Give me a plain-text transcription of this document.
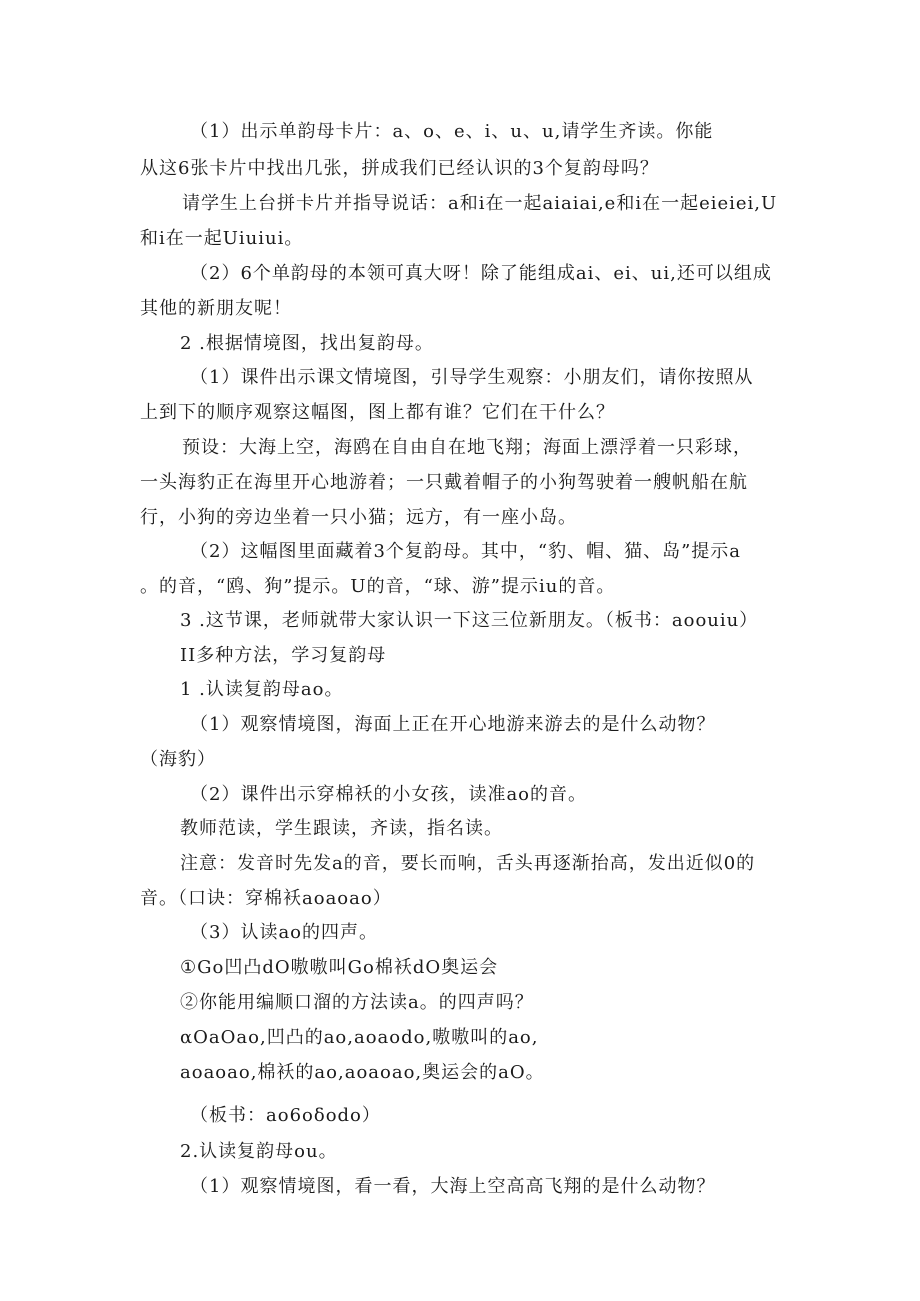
（1）出示单韵母卡片：a、o、e、i、u、u,请学生齐读。你能
从这6张卡片中找出几张，拼成我们已经认识的3个复韵母吗？
请学生上台拼卡片并指导说话：a和i在一起aiaiai,e和i在一起eieiei,U
和i在一起Uiuiui。
（2）6个单韵母的本领可真大呀！除了能组成ai、ei、ui,还可以组成
其他的新朋友呢！
2 .根据情境图，找出复韵母。
（1）课件出示课文情境图，引导学生观察：小朋友们，请你按照从
上到下的顺序观察这幅图，图上都有谁？它们在干什么？
预设：大海上空，海鸥在自由自在地飞翔；海面上漂浮着一只彩球，
一头海豹正在海里开心地游着；一只戴着帽子的小狗驾驶着一艘帆船在航
行，小狗的旁边坐着一只小猫；远方，有一座小岛。
（2）这幅图里面藏着3个复韵母。其中，“豹、帽、猫、岛”提示a
。的音，“鸥、狗”提示。U的音，“球、游”提示iu的音。
3 .这节课，老师就带大家认识一下这三位新朋友。（板书：aoouiu）
II多种方法，学习复韵母
1 .认读复韵母ao。
（1）观察情境图，海面上正在开心地游来游去的是什么动物？
（海豹）
（2）课件出示穿棉袄的小女孩，读准ao的音。
教师范读，学生跟读，齐读，指名读。
注意：发音时先发a的音，要长而响，舌头再逐渐抬高，发出近似0的
音。（口诀：穿棉袄aoaoao）
（3）认读ao的四声。
①Go凹凸dO嗷嗷叫Go棉袄dO奥运会
②你能用编顺口溜的方法读a。的四声吗？
αOaOao,凹凸的ao,aoaodo,嗷嗷叫的ao,
aoaoao,棉袄的ao,aoaoao,奥运会的aO。
（板书：ao6oδodo）
2.认读复韵母ou。
（1）观察情境图，看一看，大海上空高高飞翔的是什么动物？
